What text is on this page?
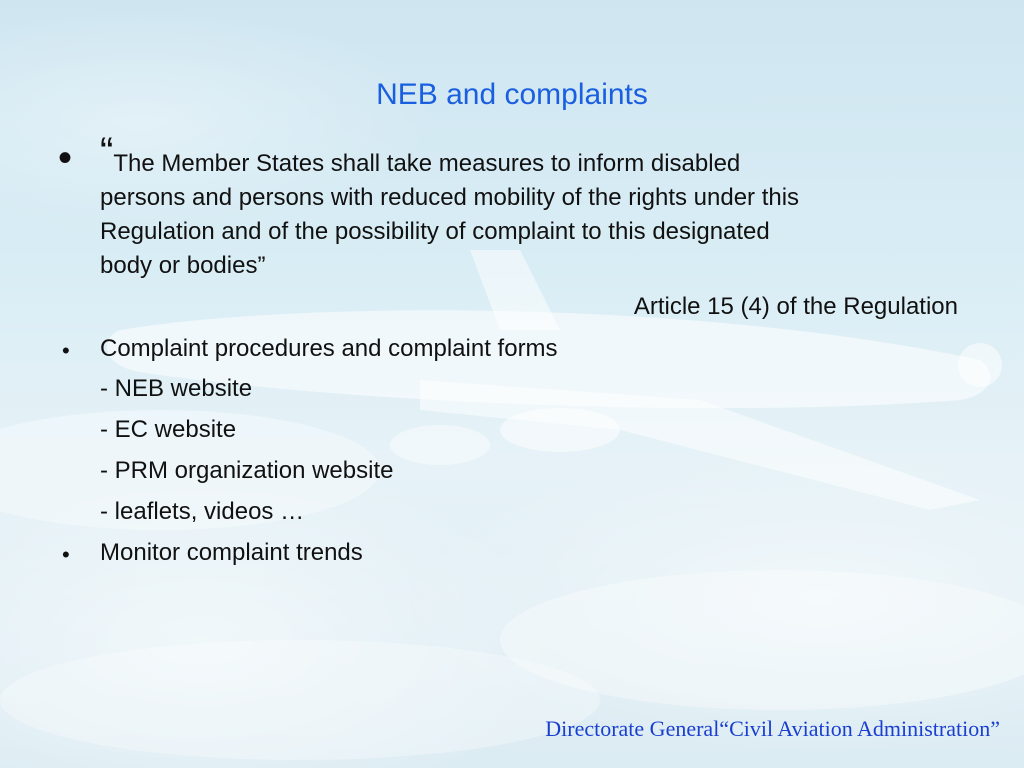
NEB and complaints
• “The Member States shall take measures to inform disabled
persons and persons with reduced mobility of the rights under this
Regulation and of the possibility of complaint to this designated
body or bodies”
Article 15 (4) of the Regulation
• Complaint procedures and complaint forms
- NEB website
- EC website
- PRM organization website
- leaflets, videos …
• Monitor complaint trends
Directorate General“Civil Aviation Administration”
